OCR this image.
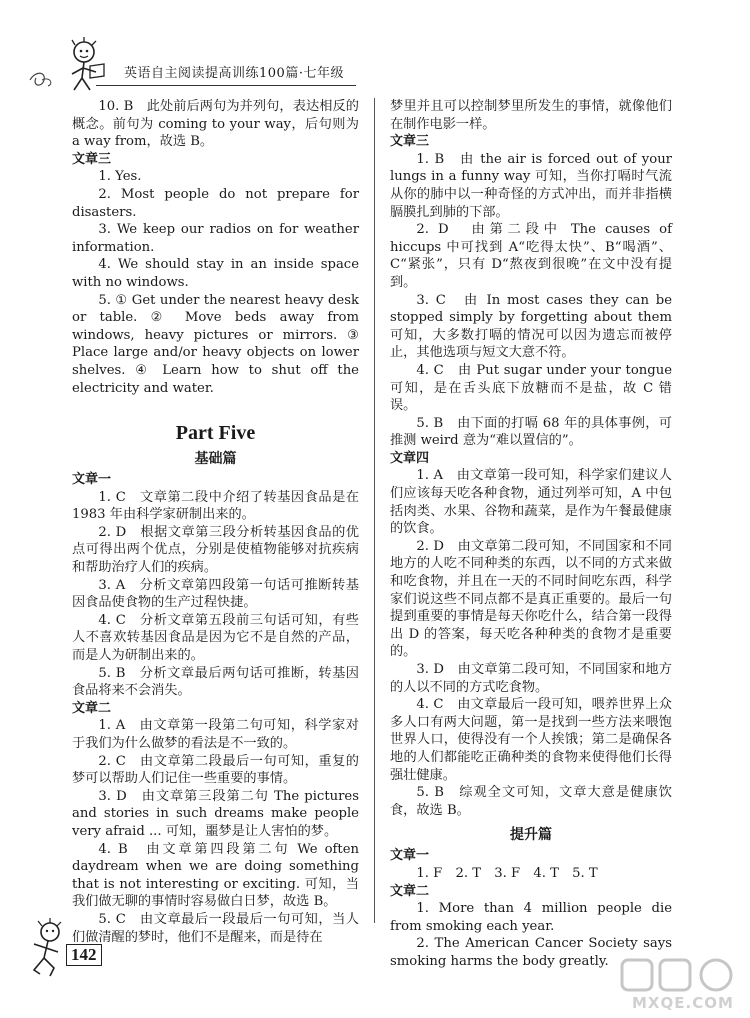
英语自主阅读提高训练100篇·七年级

10. B　此处前后两句为并列句，表达相反的概念。前句为 coming to your way，后句则为 a way from，故选 B。

文章三

1. Yes.

2. Most people do not prepare for disasters.

3. We keep our radios on for weather information.

4. We should stay in an inside space with no windows.

5. ① Get under the nearest heavy desk or table. ② Move beds away from windows, heavy pictures or mirrors. ③ Place large and/or heavy objects on lower shelves. ④ Learn how to shut off the electricity and water.

Part Five

基础篇

文章一

1. C　文章第二段中介绍了转基因食品是在 1983 年由科学家研制出来的。

2. D　根据文章第三段分析转基因食品的优点可得出两个优点，分别是使植物能够对抗疾病和帮助治疗人们的疾病。

3. A　分析文章第四段第一句话可推断转基因食品使食物的生产过程快捷。

4. C　分析文章第五段前三句话可知，有些人不喜欢转基因食品是因为它不是自然的产品，而是人为研制出来的。

5. B　分析文章最后两句话可推断，转基因食品将来不会消失。

文章二

1. A　由文章第一段第二句可知，科学家对于我们为什么做梦的看法是不一致的。

2. C　由文章第二段最后一句可知，重复的梦可以帮助人们记住一些重要的事情。

3. D　由文章第三段第二句 The pictures and stories in such dreams make people very afraid ... 可知，噩梦是让人害怕的梦。

4. B　由文章第四段第二句 We often daydream when we are doing something that is not interesting or exciting. 可知，当我们做无聊的事情时容易做白日梦，故选 B。

5. C　由文章最后一段最后一句可知，当人们做清醒的梦时，他们不是醒来，而是待在

梦里并且可以控制梦里所发生的事情，就像他们在制作电影一样。

文章三

1. B　由 the air is forced out of your lungs in a funny way 可知，当你打嗝时气流从你的肺中以一种奇怪的方式冲出，而并非指横膈膜扎到肺的下部。

2. D　由第二段中 The causes of hiccups 中可找到 A“吃得太快”、B“喝酒”、C“紧张”，只有 D“熬夜到很晚”在文中没有提到。

3. C　由 In most cases they can be stopped simply by forgetting about them 可知，大多数打嗝的情况可以因为遗忘而被停止，其他选项与短文大意不符。

4. C　由 Put sugar under your tongue 可知，是在舌头底下放糖而不是盐，故 C 错误。

5. B　由下面的打嗝 68 年的具体事例，可推测 weird 意为“难以置信的”。

文章四

1. A　由文章第一段可知，科学家们建议人们应该每天吃各种食物，通过列举可知，A 中包括肉类、水果、谷物和蔬菜，是作为午餐最健康的饮食。

2. D　由文章第二段可知，不同国家和不同地方的人吃不同种类的东西，以不同的方式来做和吃食物，并且在一天的不同时间吃东西，科学家们说这些不同点都不是真正重要的。最后一句提到重要的事情是每天你吃什么，结合第一段得出 D 的答案，每天吃各种种类的食物才是重要的。

3. D　由文章第二段可知，不同国家和地方的人以不同的方式吃食物。

4. C　由文章最后一段可知，喂养世界上众多人口有两大问题，第一是找到一些方法来喂饱世界人口，使得没有一个人挨饿；第二是确保各地的人们都能吃正确种类的食物来使得他们长得强壮健康。

5. B　综观全文可知，文章大意是健康饮食，故选 B。

提升篇

文章一

1. F　2. T　3. F　4. T　5. T

文章二

1. More than 4 million people die from smoking each year.

2. The American Cancer Society says smoking harms the body greatly.

142
MXQE.COM
